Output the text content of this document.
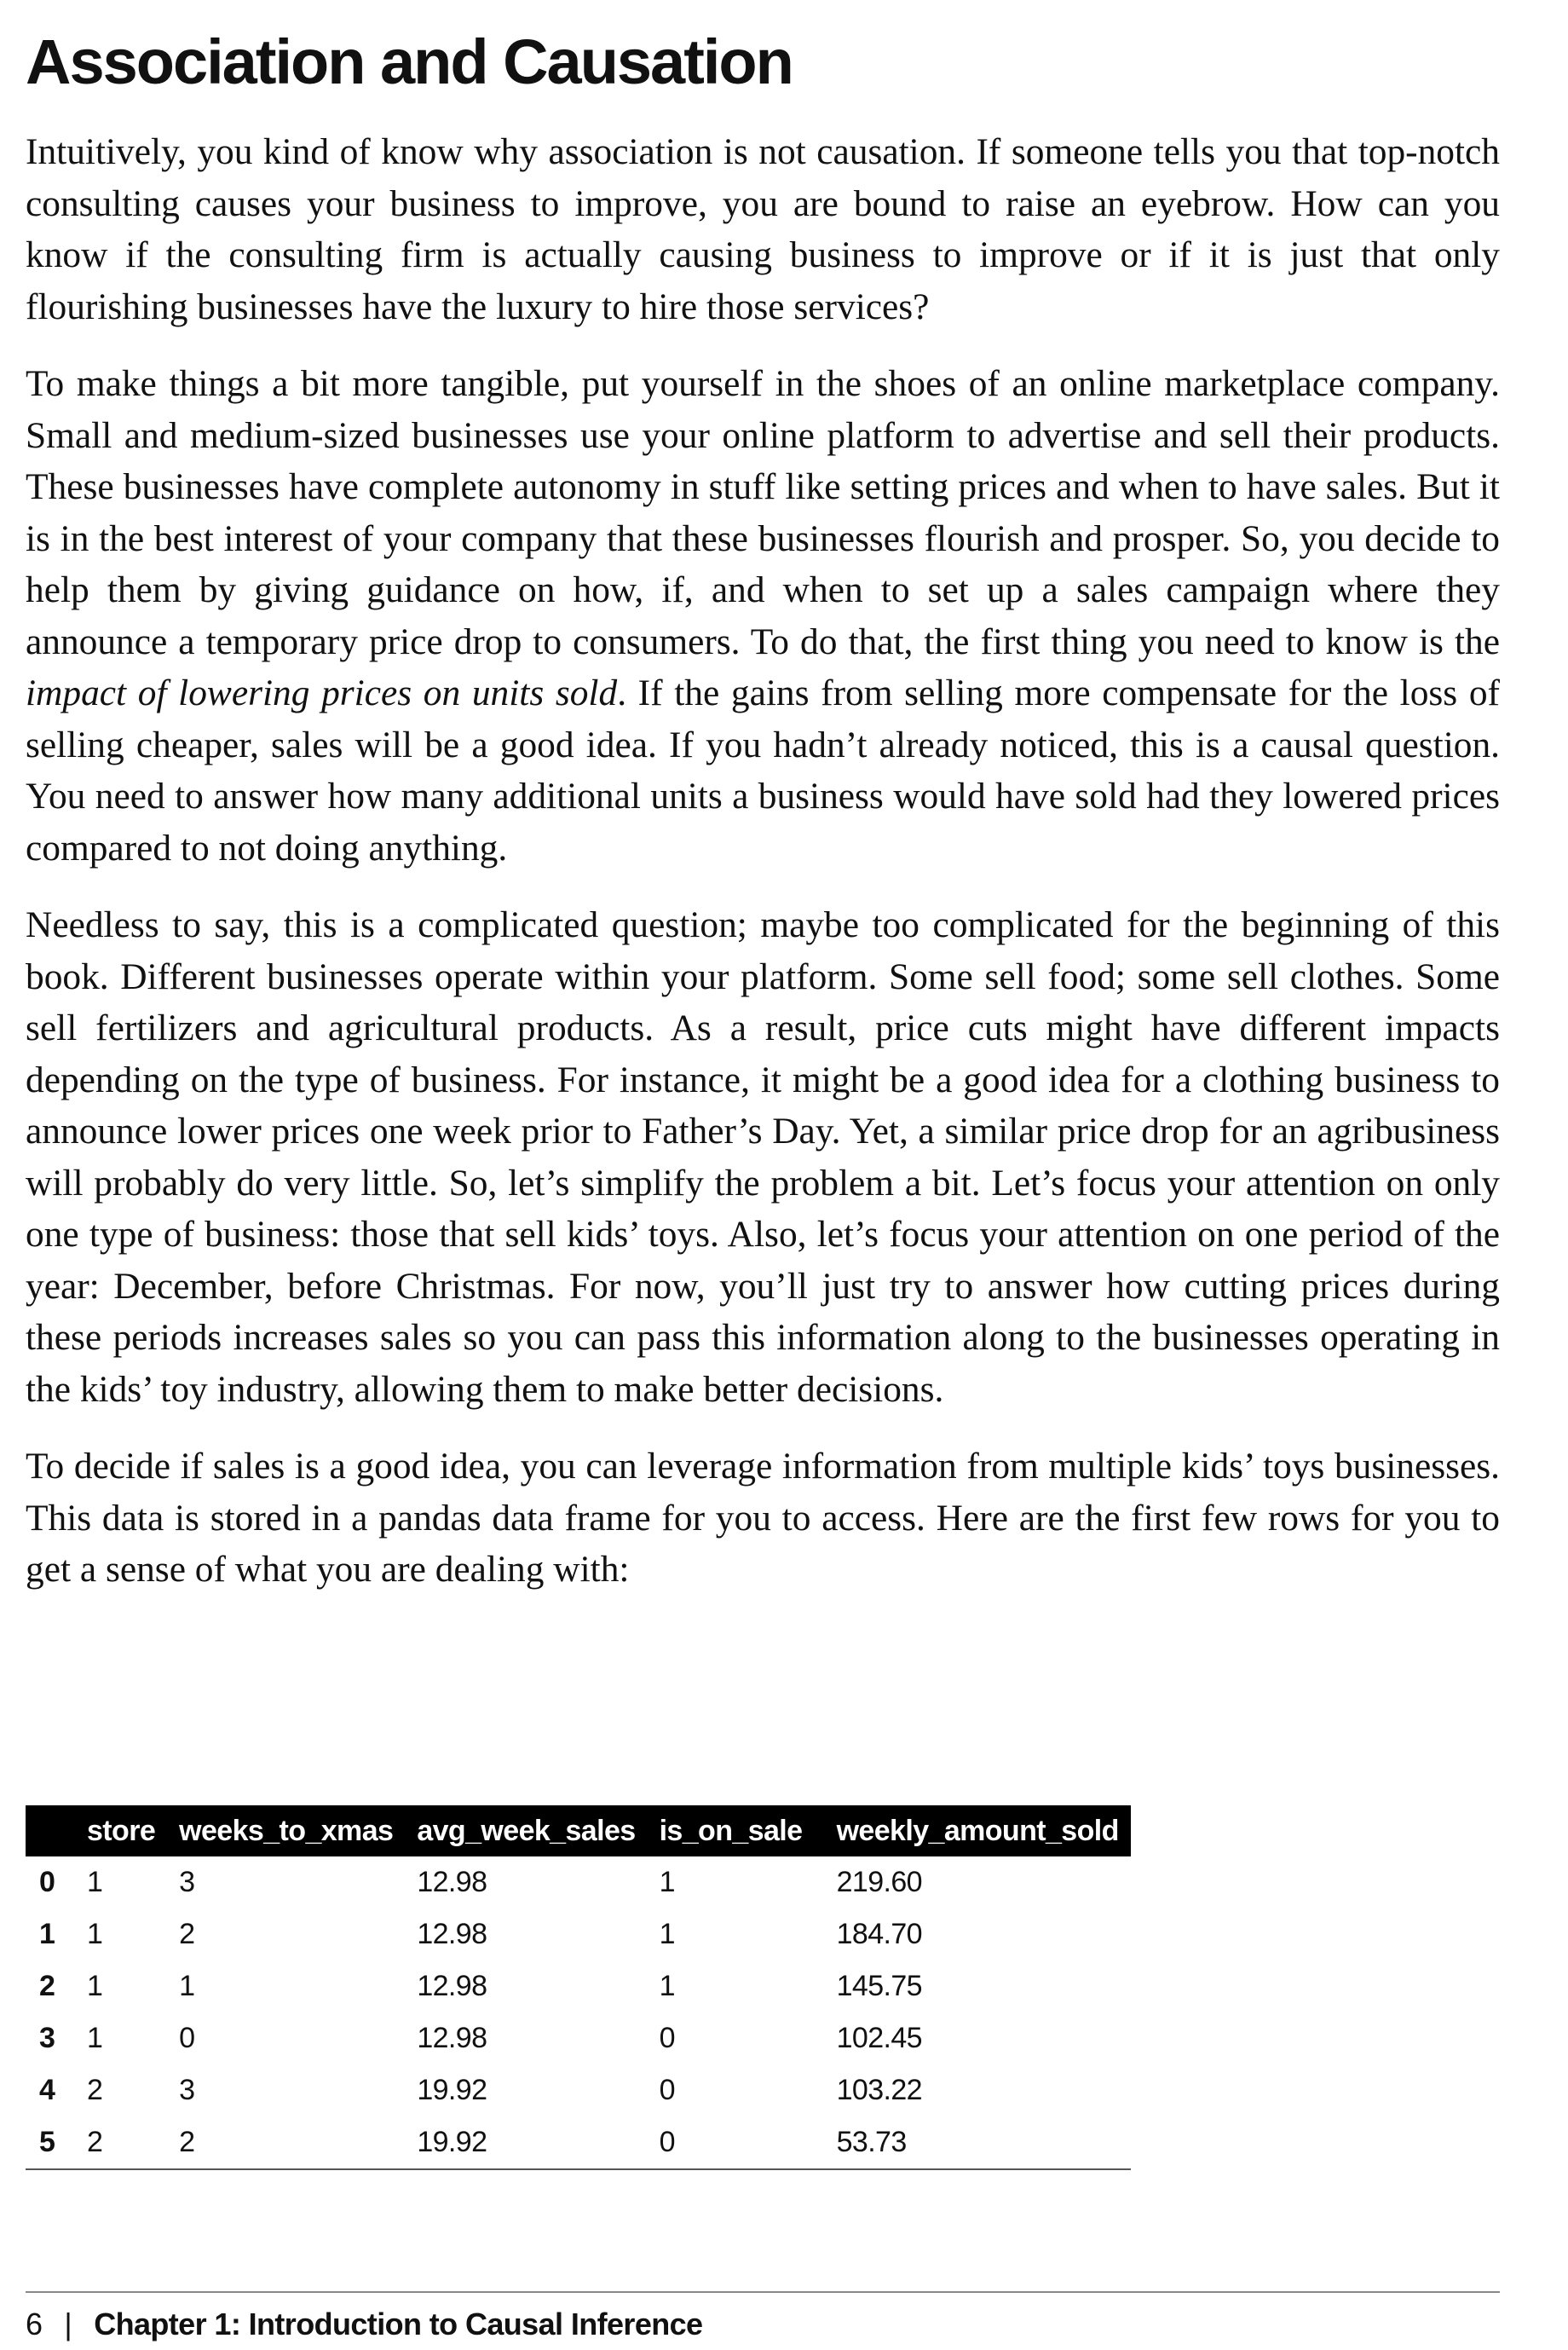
Association and Causation

Intuitively, you kind of know why association is not causation. If someone tells you that top-notch consulting causes your business to improve, you are bound to raise an eyebrow. How can you know if the consulting firm is actually causing business to improve or if it is just that only flourishing businesses have the luxury to hire those services?

To make things a bit more tangible, put yourself in the shoes of an online marketplace company. Small and medium-sized businesses use your online platform to advertise and sell their products. These businesses have complete autonomy in stuff like setting prices and when to have sales. But it is in the best interest of your company that these businesses flourish and prosper. So, you decide to help them by giving guidance on how, if, and when to set up a sales campaign where they announce a temporary price drop to consumers. To do that, the first thing you need to know is the impact of lowering prices on units sold. If the gains from selling more compensate for the loss of selling cheaper, sales will be a good idea. If you hadn’t already noticed, this is a causal question. You need to answer how many additional units a business would have sold had they lowered prices compared to not doing anything.

Needless to say, this is a complicated question; maybe too complicated for the beginning of this book. Different businesses operate within your platform. Some sell food; some sell clothes. Some sell fertilizers and agricultural products. As a result, price cuts might have different impacts depending on the type of business. For instance, it might be a good idea for a clothing business to announce lower prices one week prior to Father’s Day. Yet, a similar price drop for an agribusiness will probably do very little. So, let’s simplify the problem a bit. Let’s focus your attention on only one type of business: those that sell kids’ toys. Also, let’s focus your attention on one period of the year: December, before Christmas. For now, you’ll just try to answer how cutting prices during these periods increases sales so you can pass this information along to the businesses operating in the kids’ toy industry, allowing them to make better decisions.

To decide if sales is a good idea, you can leverage information from multiple kids’ toys businesses. This data is stored in a pandas data frame for you to access. Here are the first few rows for you to get a sense of what you are dealing with:

	store	weeks_to_xmas	avg_week_sales	is_on_sale	weekly_amount_sold
0	1	3	12.98	1	219.60
1	1	2	12.98	1	184.70
2	1	1	12.98	1	145.75
3	1	0	12.98	0	102.45
4	2	3	19.92	0	103.22
5	2	2	19.92	0	53.73
6 | Chapter 1: Introduction to Causal Inference
